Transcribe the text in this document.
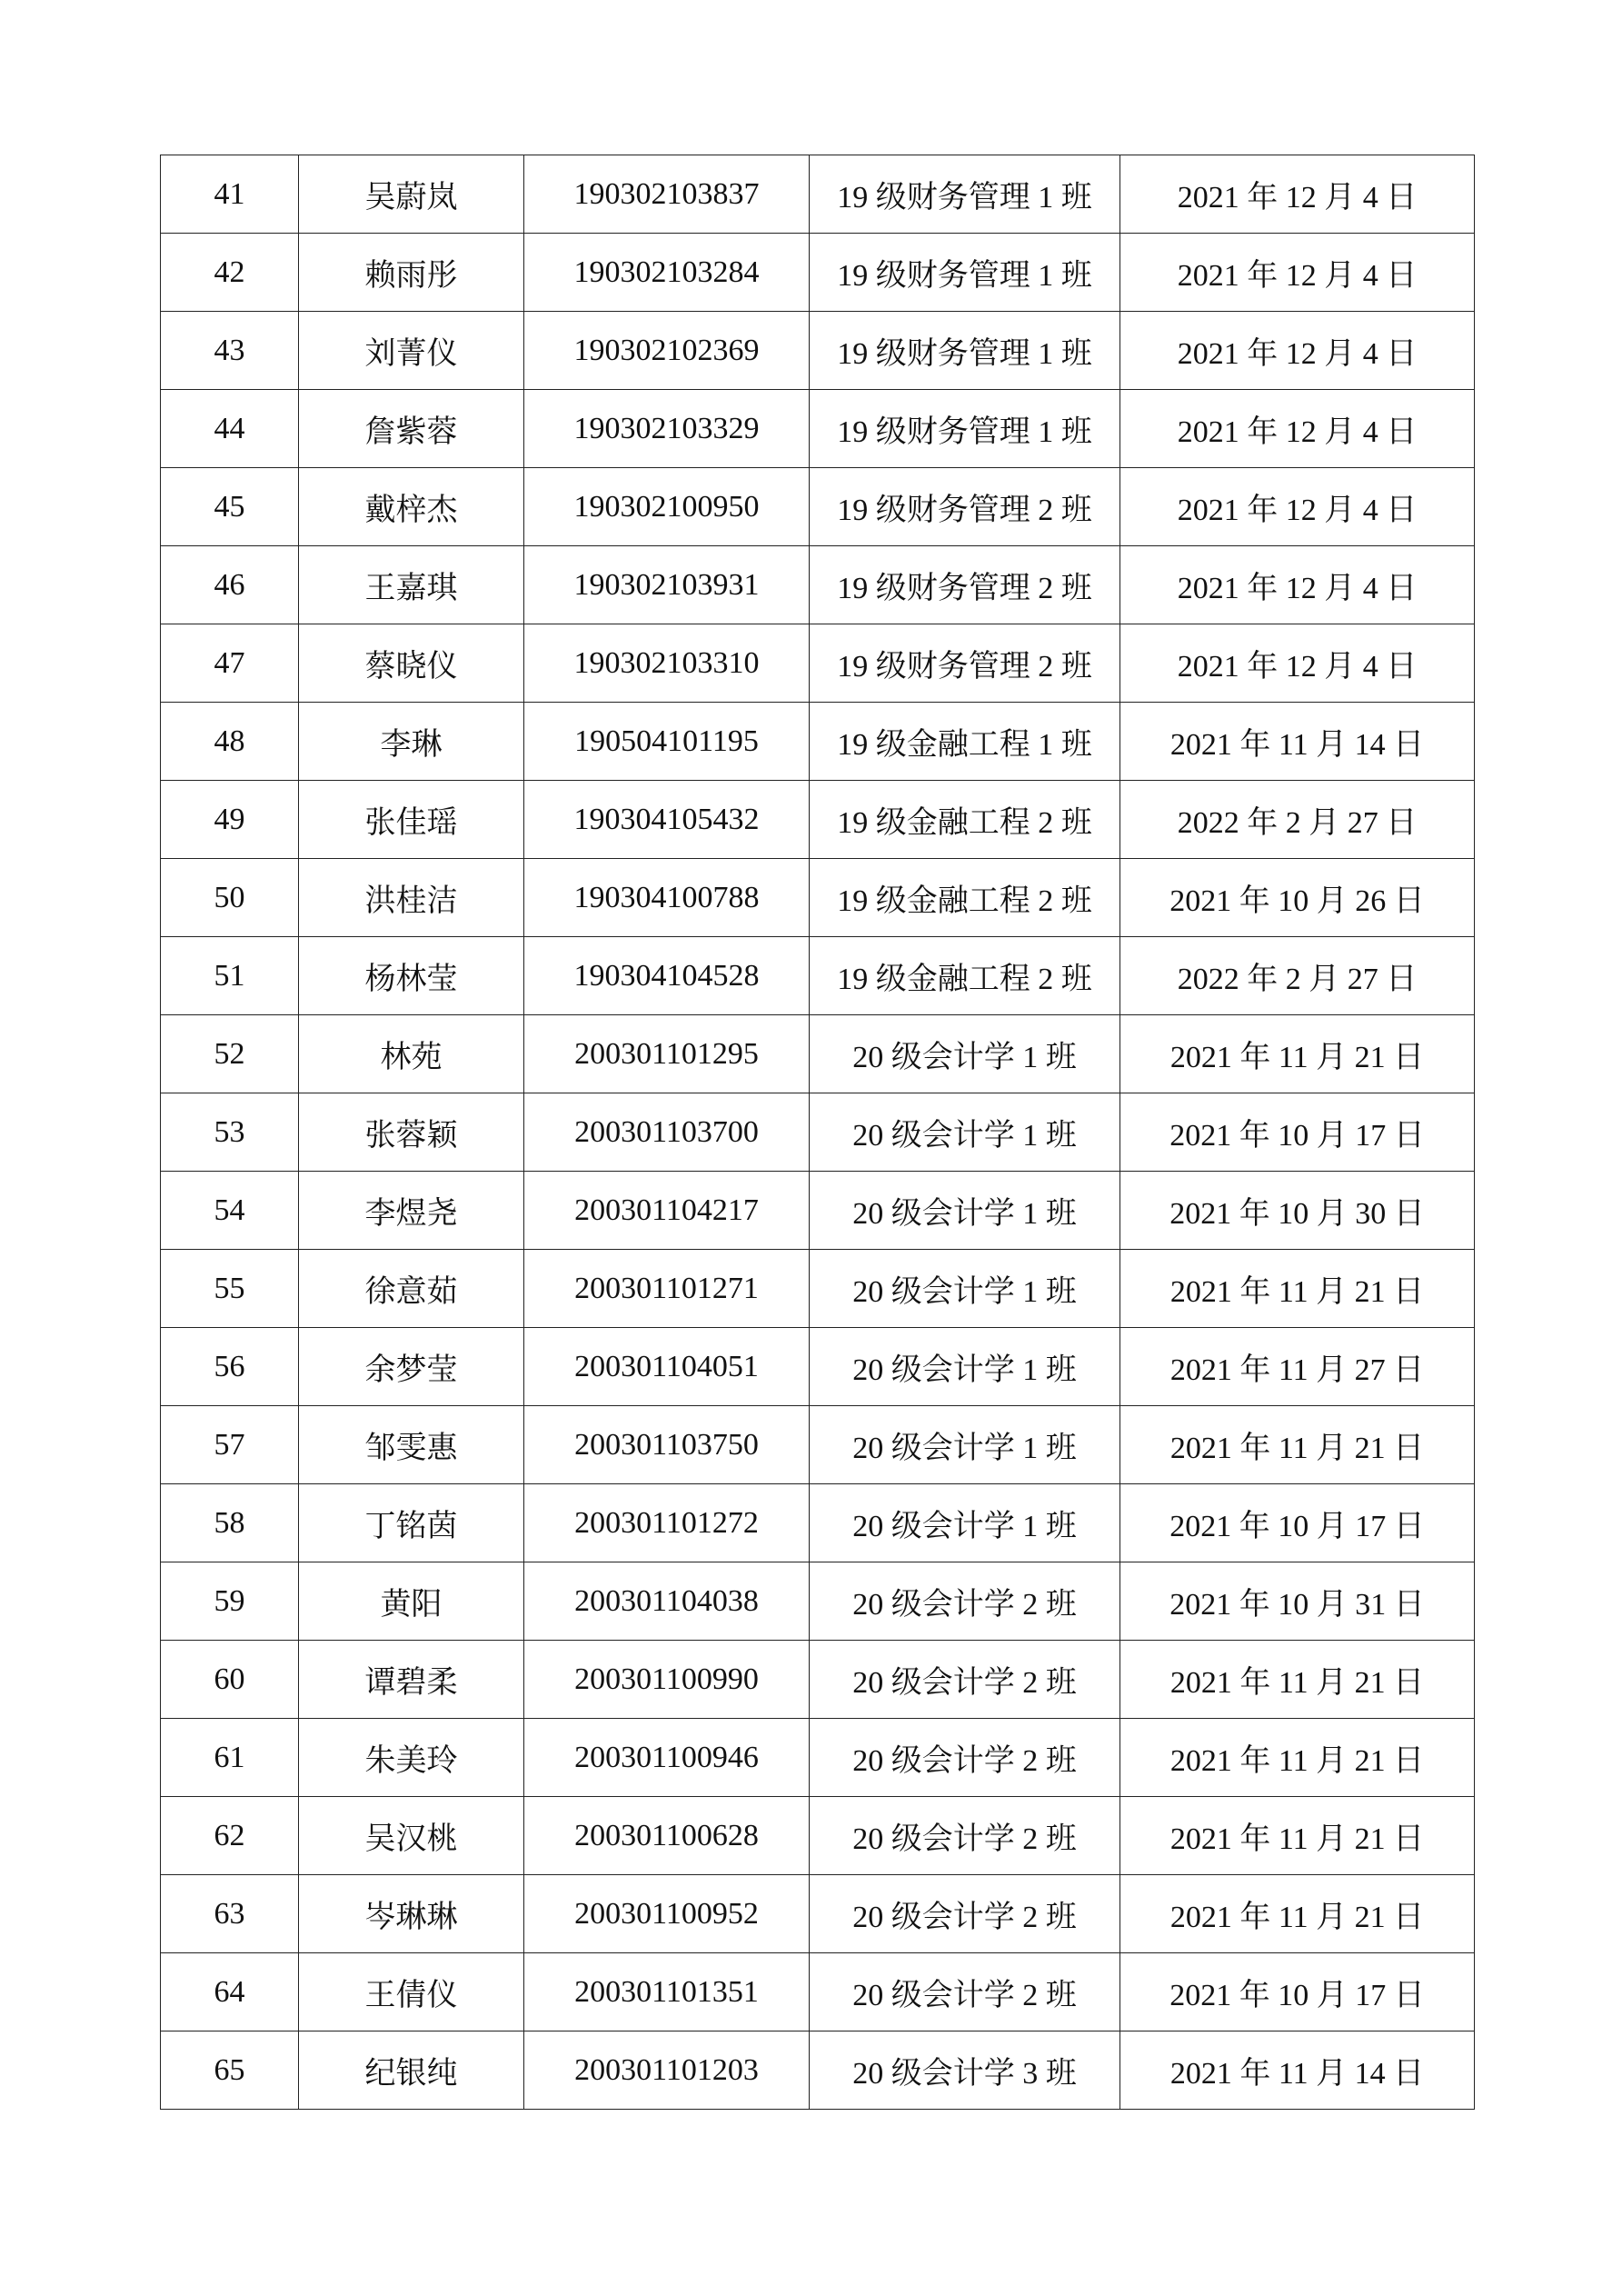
41	吴蔚岚	190302103837	19 级财务管理 1 班	2021 年 12 月 4 日
42	赖雨彤	190302103284	19 级财务管理 1 班	2021 年 12 月 4 日
43	刘菁仪	190302102369	19 级财务管理 1 班	2021 年 12 月 4 日
44	詹紫蓉	190302103329	19 级财务管理 1 班	2021 年 12 月 4 日
45	戴梓杰	190302100950	19 级财务管理 2 班	2021 年 12 月 4 日
46	王嘉琪	190302103931	19 级财务管理 2 班	2021 年 12 月 4 日
47	蔡晓仪	190302103310	19 级财务管理 2 班	2021 年 12 月 4 日
48	李琳	190504101195	19 级金融工程 1 班	2021 年 11 月 14 日
49	张佳瑶	190304105432	19 级金融工程 2 班	2022 年 2 月 27 日
50	洪桂洁	190304100788	19 级金融工程 2 班	2021 年 10 月 26 日
51	杨林莹	190304104528	19 级金融工程 2 班	2022 年 2 月 27 日
52	林苑	200301101295	20 级会计学 1 班	2021 年 11 月 21 日
53	张蓉颖	200301103700	20 级会计学 1 班	2021 年 10 月 17 日
54	李煜尧	200301104217	20 级会计学 1 班	2021 年 10 月 30 日
55	徐意茹	200301101271	20 级会计学 1 班	2021 年 11 月 21 日
56	余梦莹	200301104051	20 级会计学 1 班	2021 年 11 月 27 日
57	邹雯惠	200301103750	20 级会计学 1 班	2021 年 11 月 21 日
58	丁铭茵	200301101272	20 级会计学 1 班	2021 年 10 月 17 日
59	黄阳	200301104038	20 级会计学 2 班	2021 年 10 月 31 日
60	谭碧柔	200301100990	20 级会计学 2 班	2021 年 11 月 21 日
61	朱美玲	200301100946	20 级会计学 2 班	2021 年 11 月 21 日
62	吴汉桃	200301100628	20 级会计学 2 班	2021 年 11 月 21 日
63	岑琳琳	200301100952	20 级会计学 2 班	2021 年 11 月 21 日
64	王倩仪	200301101351	20 级会计学 2 班	2021 年 10 月 17 日
65	纪银纯	200301101203	20 级会计学 3 班	2021 年 11 月 14 日
